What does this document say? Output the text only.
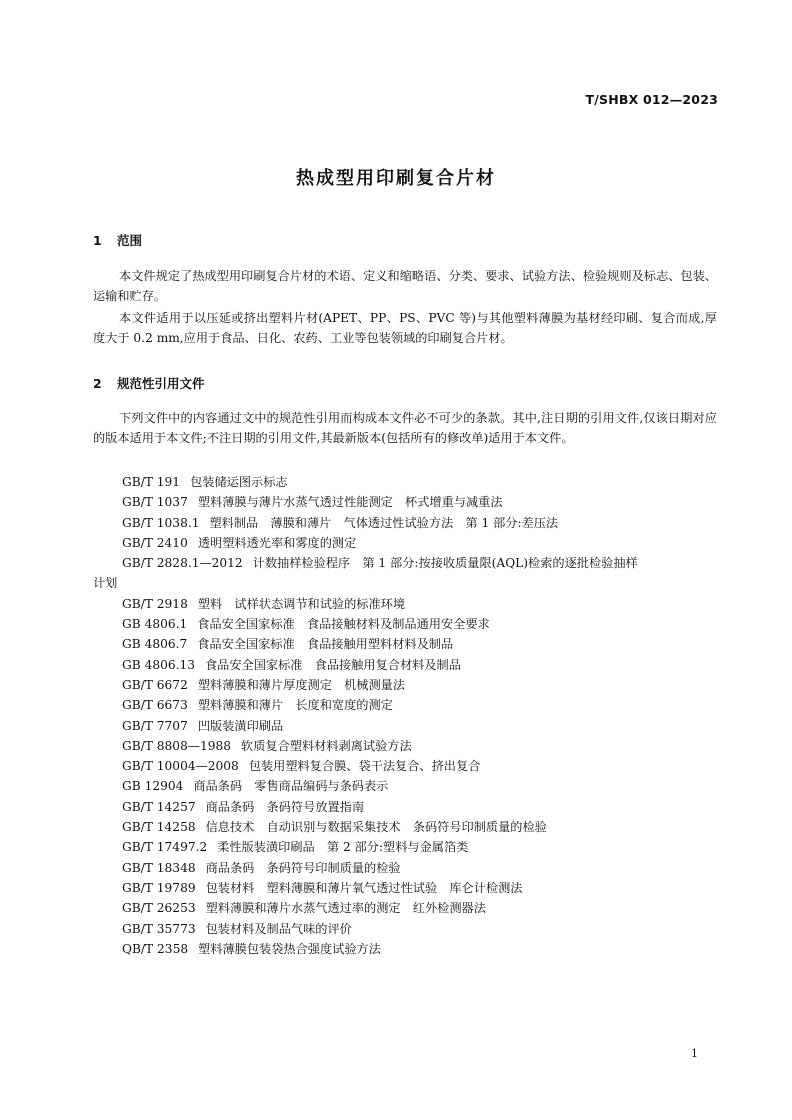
T/SHBX 012—2023
热成型用印刷复合片材
1 范围

本文件规定了热成型用印刷复合片材的术语、定义和缩略语、分类、要求、试验方法、检验规则及标志、包装、运输和贮存。

本文件适用于以压延或挤出塑料片材(APET、PP、PS、PVC 等)与其他塑料薄膜为基材经印刷、复合而成,厚度大于 0.2 mm,应用于食品、日化、农药、工业等包装领域的印刷复合片材。

2 规范性引用文件

下列文件中的内容通过文中的规范性引用而构成本文件必不可少的条款。其中,注日期的引用文件,仅该日期对应的版本适用于本文件;不注日期的引用文件,其最新版本(包括所有的修改单)适用于本文件。

GB/T 191 包装储运图示标志
GB/T 1037 塑料薄膜与薄片水蒸气透过性能测定　杯式增重与减重法
GB/T 1038.1 塑料制品　薄膜和薄片　气体透过性试验方法　第 1 部分:差压法
GB/T 2410 透明塑料透光率和雾度的测定
GB/T 2828.1—2012 计数抽样检验程序　第 1 部分:按接收质量限(AQL)检索的逐批检验抽样
计划
GB/T 2918 塑料　试样状态调节和试验的标准环境
GB 4806.1 食品安全国家标准　食品接触材料及制品通用安全要求
GB 4806.7 食品安全国家标准　食品接触用塑料材料及制品
GB 4806.13 食品安全国家标准　食品接触用复合材料及制品
GB/T 6672 塑料薄膜和薄片厚度测定　机械测量法
GB/T 6673 塑料薄膜和薄片　长度和宽度的测定
GB/T 7707 凹版装潢印刷品
GB/T 8808—1988 软质复合塑料材料剥离试验方法
GB/T 10004—2008 包装用塑料复合膜、袋干法复合、挤出复合
GB 12904 商品条码　零售商品编码与条码表示
GB/T 14257 商品条码　条码符号放置指南
GB/T 14258 信息技术　自动识别与数据采集技术　条码符号印制质量的检验
GB/T 17497.2 柔性版装潢印刷品　第 2 部分:塑料与金属箔类
GB/T 18348 商品条码　条码符号印制质量的检验
GB/T 19789 包装材料　塑料薄膜和薄片氧气透过性试验　库仑计检测法
GB/T 26253 塑料薄膜和薄片水蒸气透过率的测定　红外检测器法
GB/T 35773 包装材料及制品气味的评价
QB/T 2358 塑料薄膜包装袋热合强度试验方法
1
